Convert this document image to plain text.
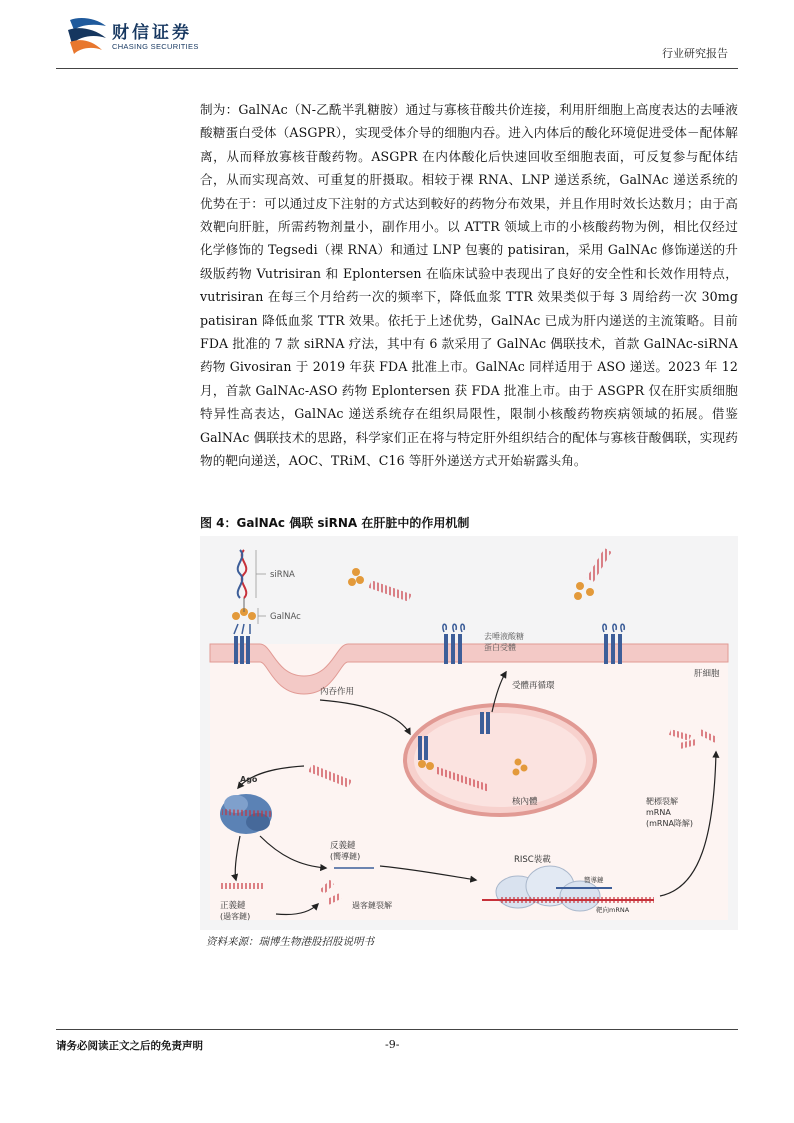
财信证券
CHASING SECURITIES
行业研究报告

制为：GalNAc（N-乙酰半乳糖胺）通过与寡核苷酸共价连接，利用肝细胞上高度表达的去唾液酸糖蛋白受体（ASGPR），实现受体介导的细胞内吞。进入内体后的酸化环境促进受体－配体解离，从而释放寡核苷酸药物。ASGPR 在内体酸化后快速回收至细胞表面，可反复参与配体结合，从而实现高效、可重复的肝摄取。相较于裸 RNA、LNP 递送系统，GalNAc 递送系统的优势在于：可以通过皮下注射的方式达到較好的药物分布效果，并且作用时效长达数月；由于高效靶向肝脏，所需药物剂量小，副作用小。以 ATTR 领域上市的小核酸药物为例，相比仅经过化学修饰的 Tegsedi（裸 RNA）和通过 LNP 包裹的 patisiran，采用 GalNAc 修饰递送的升级版药物 Vutrisiran 和 Eplontersen 在临床试验中表现出了良好的安全性和长效作用特点，vutrisiran 在每三个月给药一次的频率下，降低血浆 TTR 效果类似于每 3 周给药一次 30mg patisiran 降低血浆 TTR 效果。依托于上述优势，GalNAc 已成为肝内递送的主流策略。目前 FDA 批准的 7 款 siRNA 疗法，其中有 6 款采用了 GalNAc 偶联技术，首款 GalNAc-siRNA 药物 Givosiran 于 2019 年获 FDA 批准上市。GalNAc 同样适用于 ASO 递送。2023 年 12 月，首款 GalNAc-ASO 药物 Eplontersen 获 FDA 批准上市。由于 ASGPR 仅在肝实质细胞特异性高表达，GalNAc 递送系统存在组织局限性，限制小核酸药物疾病领域的拓展。借鉴 GalNAc 偶联技术的思路，科学家们正在将与特定肝外组织结合的配体与寡核苷酸偶联，实现药物的靶向递送，AOC、TRiM、C16 等肝外递送方式开始崭露头角。

图 4：GalNAc 偶联 siRNA 在肝脏中的作用机制
siRNA
GalNAc
去唾液酸糖
蛋白受體
肝細胞
內吞作用
核內體
受體再循環
Ago
反義鏈
(嚮導鏈)
正義鏈
(過客鏈)
過客鏈裂解
RISC裝載
嚮導鏈
靶向mRNA
靶標裂解
mRNA
(mRNA降解)
资料来源：瑞博生物港股招股说明书
请务必阅读正文之后的免责声明	-9-
